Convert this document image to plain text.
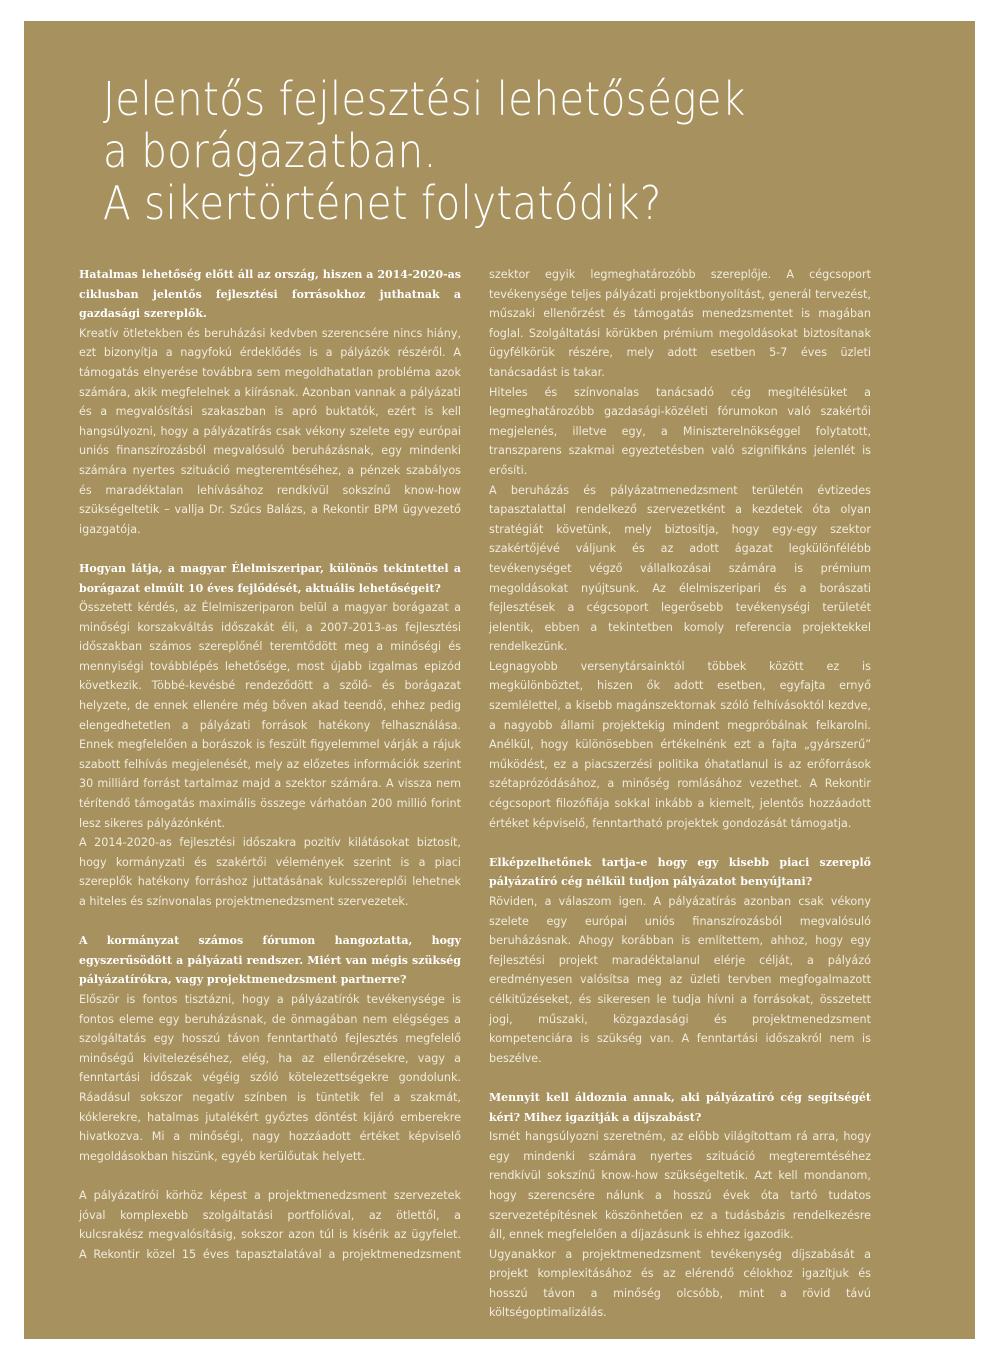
Jelentős fejlesztési lehetőségek
a borágazatban.
A sikertörténet folytatódik?

Hatalmas lehetőség előtt áll az ország, hiszen a 2014-2020-as ciklusban jelentős fejlesztési forrásokhoz juthatnak a gazdasági szereplők.

Kreatív ötletekben és beruházási kedvben szerencsére nincs hiány, ezt bizonyítja a nagyfokú érdeklődés is a pályázók részéről. A támogatás elnyerése továbbra sem megoldhatatlan probléma azok számára, akik megfelelnek a kiírásnak. Azonban vannak a pályázati és a megvalósítási szakaszban is apró buktatók, ezért is kell hangsúlyozni, hogy a pályázatírás csak vékony szelete egy európai uniós finanszírozásból megvalósuló beruházásnak, egy mindenki számára nyertes szituáció megteremtéséhez, a pénzek szabályos és maradéktalan lehívásához rendkívül sokszínű know-how szükségeltetik – vallja Dr. Szűcs Balázs, a Rekontir BPM ügyvezető igazgatója.

Hogyan látja, a magyar Élelmiszeripar, különös tekintettel a borágazat elmúlt 10 éves fejlődését, aktuális lehetőségeit?

Összetett kérdés, az Élelmiszeriparon belül a magyar borágazat a minőségi korszakváltás időszakát éli, a 2007-2013-as fejlesztési időszakban számos szereplőnél teremtődött meg a minőségi és mennyiségi továbblépés lehetősége, most újabb izgalmas epizód következik. Többé-kevésbé rendeződött a szőlő- és borágazat helyzete, de ennek ellenére még bőven akad teendő, ehhez pedig elengedhetetlen a pályázati források hatékony felhasználása. Ennek megfelelően a borászok is feszült figyelemmel várják a rájuk szabott felhívás megjelenését, mely az előzetes információk szerint 30 milliárd forrást tartalmaz majd a szektor számára. A vissza nem térítendő támogatás maximális összege várhatóan 200 millió forint lesz sikeres pályázónként.

A 2014-2020-as fejlesztési időszakra pozitív kilátásokat biztosít, hogy kormányzati és szakértői vélemények szerint is a piaci szereplők hatékony forráshoz juttatásának kulcsszereplői lehetnek a hiteles és színvonalas projektmenedzsment szervezetek.

A kormányzat számos fórumon hangoztatta, hogy egyszerűsödött a pályázati rendszer. Miért van mégis szükség pályázatírókra, vagy projektmenedzsment partnerre?

Először is fontos tisztázni, hogy a pályázatírók tevékenysége is fontos eleme egy beruházásnak, de önmagában nem elégséges a szolgáltatás egy hosszú távon fenntartható fejlesztés megfelelő minőségű kivitelezéséhez, elég, ha az ellenőrzésekre, vagy a fenntartási időszak végéig szóló kötelezettségekre gondolunk. Ráadásul sokszor negatív színben is tüntetik fel a szakmát, kóklerekre, hatalmas jutalékért győztes döntést kijáró emberekre hivatkozva. Mi a minőségi, nagy hozzáadott értéket képviselő megoldásokban hiszünk, egyéb kerülőutak helyett.

A pályázatírói körhöz képest a projektmenedzsment szervezetek jóval komplexebb szolgáltatási portfolióval, az ötlettől, a kulcsrakész megvalósításig, sokszor azon túl is kísérik az ügyfelet. A Rekontir közel 15 éves tapasztalatával a projektmenedzsment

szektor egyik legmeghatározóbb szereplője. A cégcsoport tevékenysége teljes pályázati projektbonyolítást, generál tervezést, műszaki ellenőrzést és támogatás menedzsmentet is magában foglal. Szolgáltatási körükben prémium megoldásokat biztosítanak ügyfélkörük részére, mely adott esetben 5-7 éves üzleti tanácsadást is takar.

Hiteles és színvonalas tanácsadó cég megítélésüket a legmeghatározóbb gazdasági-közéleti fórumokon való szakértői megjelenés, illetve egy, a Miniszterelnökséggel folytatott, transzparens szakmai egyeztetésben való szignifikáns jelenlét is erősíti.

A beruházás és pályázatmenedzsment területén évtizedes tapasztalattal rendelkező szervezetként a kezdetek óta olyan stratégiát követünk, mely biztosítja, hogy egy-egy szektor szakértőjévé váljunk és az adott ágazat legkülönfélébb tevékenységet végző vállalkozásai számára is prémium megoldásokat nyújtsunk. Az élelmiszeripari és a borászati fejlesztések a cégcsoport legerősebb tevékenységi területét jelentik, ebben a tekintetben komoly referencia projektekkel rendelkezünk.

Legnagyobb versenytársainktól többek között ez is megkülönböztet, hiszen ők adott esetben, egyfajta ernyő szemlélettel, a kisebb magánszektornak szóló felhívásoktól kezdve, a nagyobb állami projektekig mindent megpróbálnak felkarolni. Anélkül, hogy különösebben értékelnénk ezt a fajta „gyárszerű” működést, ez a piacszerzési politika óhatatlanul is az erőforrások szétaprózódásához, a minőség romlásához vezethet. A Rekontir cégcsoport filozófiája sokkal inkább a kiemelt, jelentős hozzáadott értéket képviselő, fenntartható projektek gondozását támogatja.

Elképzelhetőnek tartja-e hogy egy kisebb piaci szereplő pályázatíró cég nélkül tudjon pályázatot benyújtani?

Röviden, a válaszom igen. A pályázatírás azonban csak vékony szelete egy európai uniós finanszírozásból megvalósuló beruházásnak. Ahogy korábban is említettem, ahhoz, hogy egy fejlesztési projekt maradéktalanul elérje célját, a pályázó eredményesen valósítsa meg az üzleti tervben megfogalmazott célkitűzéseket, és sikeresen le tudja hívni a forrásokat, összetett jogi, műszaki, közgazdasági és projektmenedzsment kompetenciára is szükség van. A fenntartási időszakról nem is beszélve.

Mennyit kell áldoznia annak, aki pályázatíró cég segítségét kéri? Mihez igazítják a díjszabást?

Ismét hangsúlyozni szeretném, az előbb világítottam rá arra, hogy egy mindenki számára nyertes szituáció megteremtéséhez rendkívül sokszínű know-how szükségeltetik. Azt kell mondanom, hogy szerencsére nálunk a hosszú évek óta tartó tudatos szervezetépítésnek köszönhetően ez a tudásbázis rendelkezésre áll, ennek megfelelően a díjazásunk is ehhez igazodik.

Ugyanakkor a projektmenedzsment tevékenység díjszabását a projekt komplexitásához és az elérendő célokhoz igazítjuk és hosszú távon a minőség olcsóbb, mint a rövid távú költségoptimalizálás.
